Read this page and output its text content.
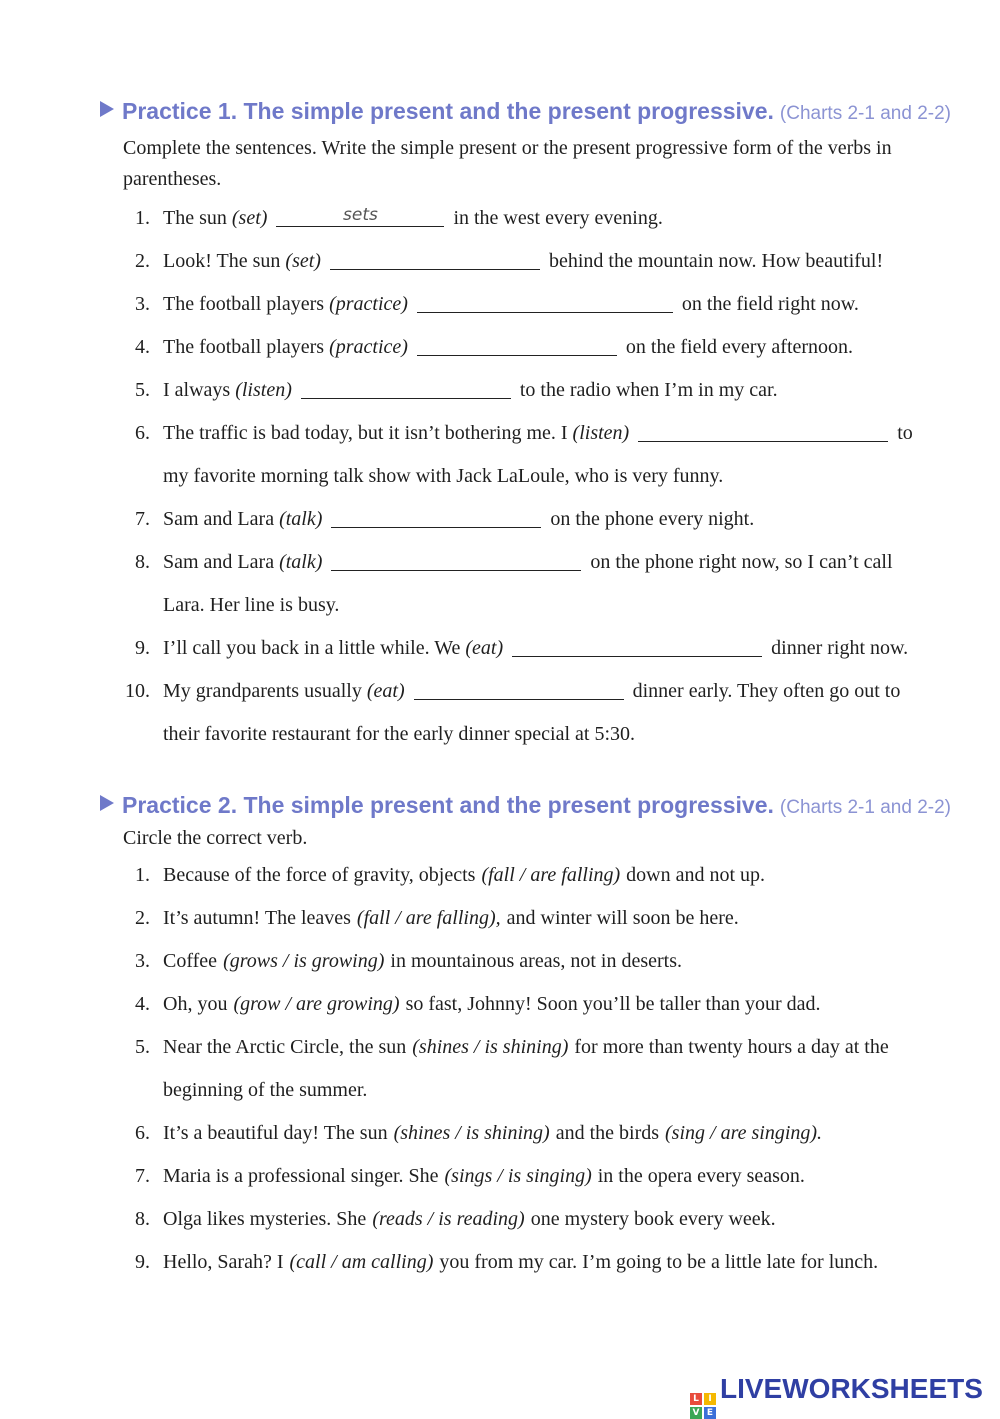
Practice 1. The simple present and the present progressive. (Charts 2-1 and 2-2)
Complete the sentences. Write the simple present or the present progressive form of the verbs in parentheses.
1. The sun (set)	sets	in the west every evening.
2. Look! The sun (set)	behind the mountain now. How beautiful!
3. The football players (practice)	on the field right now.
4. The football players (practice)	on the field every afternoon.
5. I always (listen)	to the radio when I’m in my car.
6. The traffic is bad today, but it isn’t bothering me. I (listen)	to
my favorite morning talk show with Jack LaLoule, who is very funny.
7. Sam and Lara (talk)	on the phone every night.
8. Sam and Lara (talk)	on the phone right now, so I can’t call
Lara. Her line is busy.
9. I’ll call you back in a little while. We (eat)	dinner right now.
10. My grandparents usually (eat)	dinner early. They often go out to
their favorite restaurant for the early dinner special at 5:30.
Practice 2. The simple present and the present progressive. (Charts 2-1 and 2-2)
Circle the correct verb.
1. Because of the force of gravity, objects (fall / are falling) down and not up.
2. It’s autumn! The leaves (fall / are falling), and winter will soon be here.
3. Coffee (grows / is growing) in mountainous areas, not in deserts.
4. Oh, you (grow / are growing) so fast, Johnny! Soon you’ll be taller than your dad.
5. Near the Arctic Circle, the sun (shines / is shining) for more than twenty hours a day at the
beginning of the summer.
6. It’s a beautiful day! The sun (shines / is shining) and the birds (sing / are singing).
7. Maria is a professional singer. She (sings / is singing) in the opera every season.
8. Olga likes mysteries. She (reads / is reading) one mystery book every week.
9. Hello, Sarah? I (call / am calling) you from my car. I’m going to be a little late for lunch.
L	I
V E
LIVEWORKSHEETS
